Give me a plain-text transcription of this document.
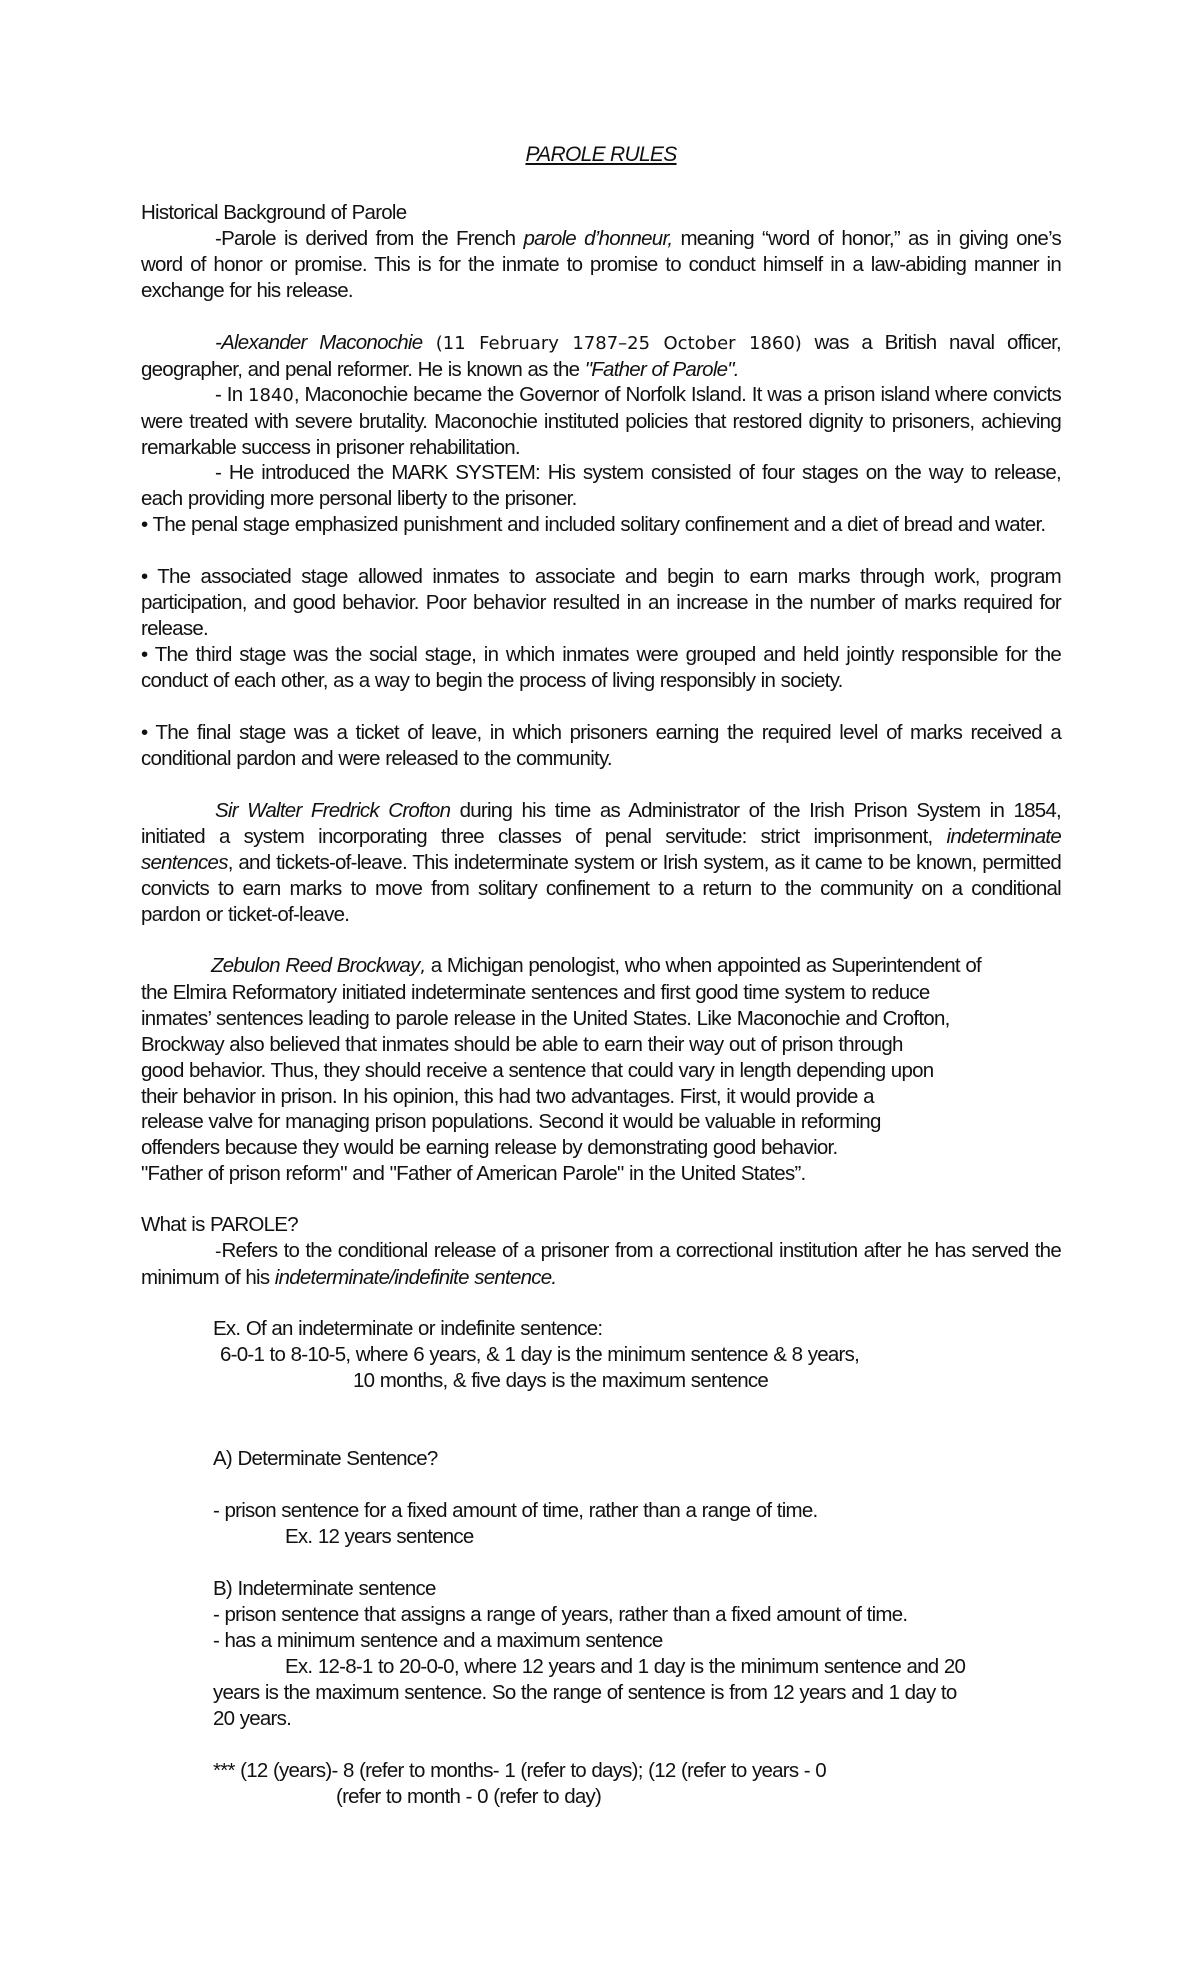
PAROLE RULES
Historical Background of Parole
-Parole is derived from the French parole d’honneur, meaning “word of honor,” as in giving one’s word of honor or promise. This is for the inmate to promise to conduct himself in a law-abiding manner in exchange for his release.
-Alexander Maconochie (11 February 1787–25 October 1860) was a British naval officer, geographer, and penal reformer. He is known as the "Father of Parole".
- In 1840, Maconochie became the Governor of Norfolk Island. It was a prison island where convicts were treated with severe brutality. Maconochie instituted policies that restored dignity to prisoners, achieving remarkable success in prisoner rehabilitation.
- He introduced the MARK SYSTEM: His system consisted of four stages on the way to release, each providing more personal liberty to the prisoner.
• The penal stage emphasized punishment and included solitary confinement and a diet of bread and water.
• The associated stage allowed inmates to associate and begin to earn marks through work, program participation, and good behavior. Poor behavior resulted in an increase in the number of marks required for release.
• The third stage was the social stage, in which inmates were grouped and held jointly responsible for the conduct of each other, as a way to begin the process of living responsibly in society.
• The final stage was a ticket of leave, in which prisoners earning the required level of marks received a conditional pardon and were released to the community.
Sir Walter Fredrick Crofton during his time as Administrator of the Irish Prison System in 1854, initiated a system incorporating three classes of penal servitude: strict imprisonment, indeterminate sentences, and tickets-of-leave. This indeterminate system or Irish system, as it came to be known, permitted convicts to earn marks to move from solitary confinement to a return to the community on a conditional pardon or ticket-of-leave.
Zebulon Reed Brockway, a Michigan penologist, who when appointed as Superintendent of
the Elmira Reformatory initiated indeterminate sentences and first good time system to reduce
inmates’ sentences leading to parole release in the United States. Like Maconochie and Crofton,
Brockway also believed that inmates should be able to earn their way out of prison through
good behavior. Thus, they should receive a sentence that could vary in length depending upon
their behavior in prison. In his opinion, this had two advantages. First, it would provide a
release valve for managing prison populations. Second it would be valuable in reforming
offenders because they would be earning release by demonstrating good behavior.
"Father of prison reform" and "Father of American Parole" in the United States”.
What is PAROLE?
-Refers to the conditional release of a prisoner from a correctional institution after he has served the minimum of his indeterminate/indefinite sentence.
Ex. Of an indeterminate or indefinite sentence:
6-0-1 to 8-10-5, where 6 years, & 1 day is the minimum sentence & 8 years,
10 months, & five days is the maximum sentence
A) Determinate Sentence?
- prison sentence for a fixed amount of time, rather than a range of time.
Ex. 12 years sentence
B) Indeterminate sentence
- prison sentence that assigns a range of years, rather than a fixed amount of time.
- has a minimum sentence and a maximum sentence
Ex. 12-8-1 to 20-0-0, where 12 years and 1 day is the minimum sentence and 20
years is the maximum sentence. So the range of sentence is from 12 years and 1 day to
20 years.
*** (12 (years)- 8 (refer to months- 1 (refer to days); (12 (refer to years - 0
(refer to month - 0 (refer to day)
